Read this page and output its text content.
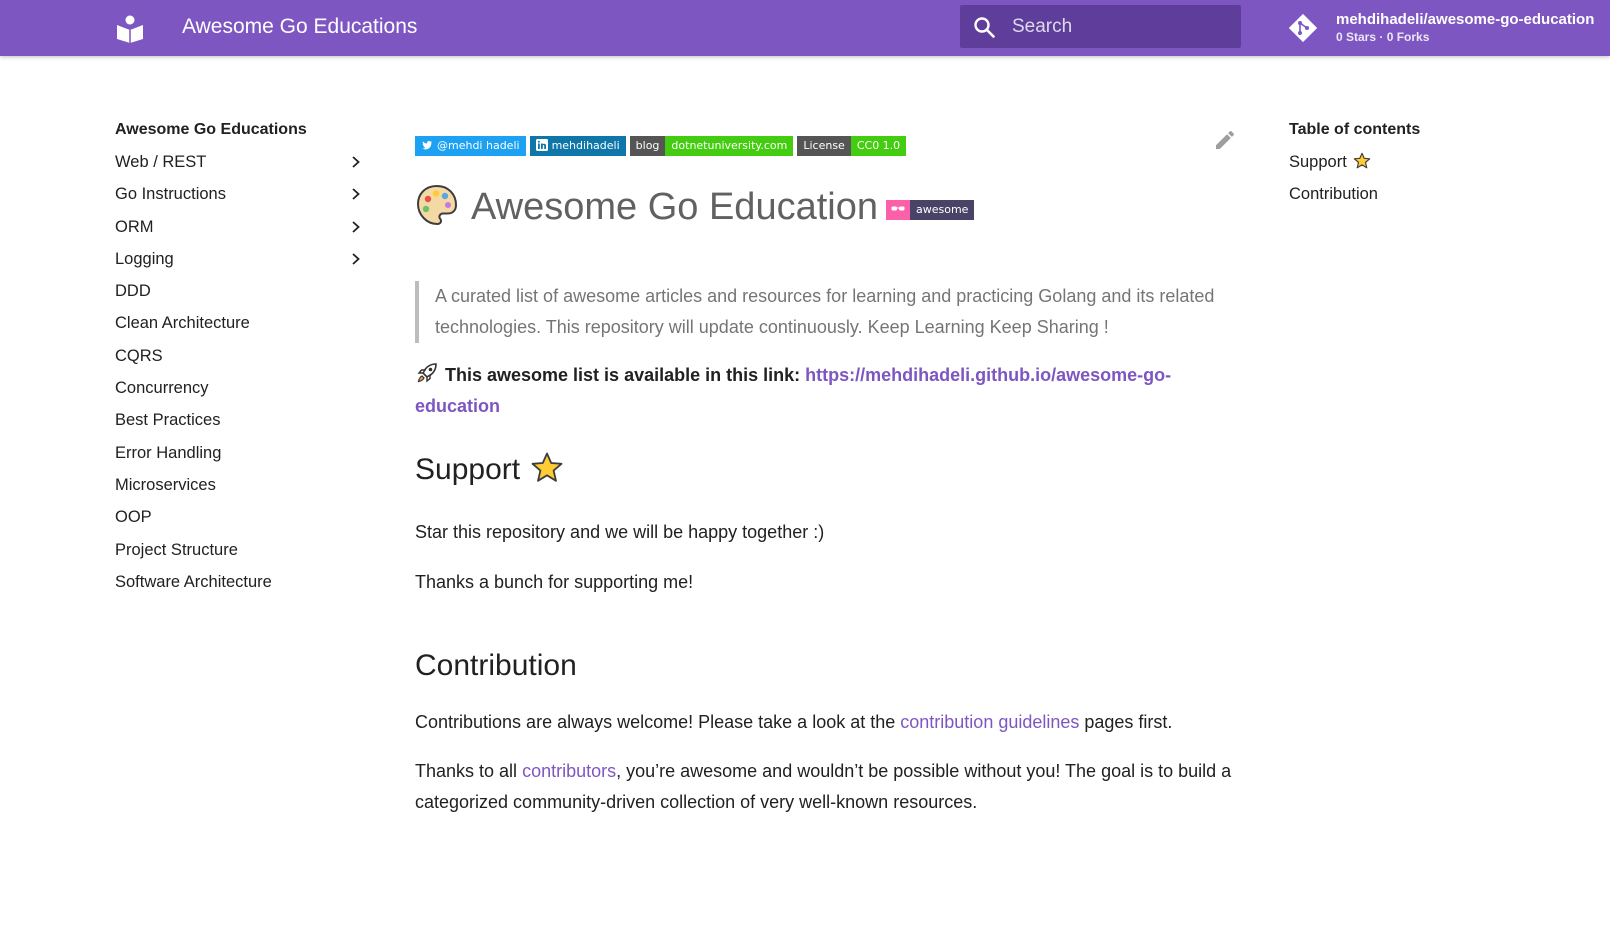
Awesome Go Educations
Search	mehdihadeli/awesome-go-education
0 Stars · 0 Forks
Awesome Go Educations
Web / REST
Go Instructions
ORM
Logging
DDD
Clean Architecture
CQRS
Concurrency
Best Practices
Error Handling
Microservices
OOP
Project Structure
Software Architecture
@mehdi hadeli	mehdihadeli blog dotnetuniversity.com License CC0 1.0
Awesome Go Education	awesome
A curated list of awesome articles and resources for learning and practicing Golang and its related technologies. This repository will update continuously. Keep Learning Keep Sharing !
This awesome list is available in this link: https://mehdihadeli.github.io/awesome-go-education
Support
Star this repository and we will be happy together :)
Thanks a bunch for supporting me!
Contribution
Contributions are always welcome! Please take a look at the contribution guidelines pages first.
Thanks to all contributors, you’re awesome and wouldn’t be possible without you! The goal is to build a categorized community-driven collection of very well-known resources.
Table of contents
Support
Contribution
